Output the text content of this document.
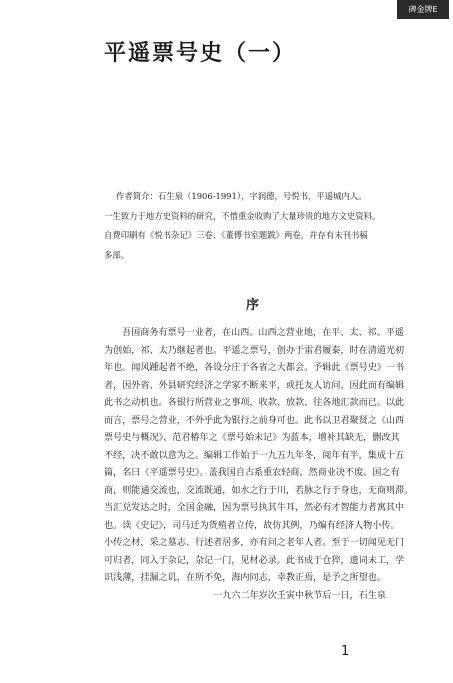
碑金牌E
平遥票号史（一）

作者简介：石生泉（1906-1991），字润德，号悦书，平遥城内人。

一生致力于地方史资料的研究，不惜重金收购了大量珍贵的地方文史资料。

自费印刷有《悦书杂记》三卷、《董傅书室题跋》两卷，并存有未刊书稿

多部。

序

吾国商务有票号一业者，在山西。山西之营业地，在平、太、祁。平遥

为创始，祁、太乃继起者也。平遥之票号，创办于雷君履泰，时在清道光初

年也。闻风踵起者不绝，各设分庄于各省之大都会。予辑此《票号史》一书

者，因外省、外县研究经济之学家不断来平，或托友人访问，因此而有编辑

此书之动机也。各银行所营业之事项，收款、放款、往各地汇款而已。以此

而言，票号之营业，不外乎此为银行之前身可也。此书以卫君聚贤之《山西

票号史与概况》、范君椿年之《票号始末记》为蓝本，增补其缺无，删改其

不经，决不敢以意为之。编辑工作始于一九五九年冬，阅年有半，集成十五

篇，名曰《平遥票号史》。盖我国自古系重农轻商，然商业决不废。国之有

商，则能通交流也，交流既通，如水之行于川，若脉之行于身也，无商则滞。

当汇兑发达之时，全国金融，因为票号执其牛耳，然必有才智能力者寓其中

也。读《史记》，司马迁为货殖者立传，故仿其例，乃编有经济人物小传。

小传之材，采之墓志、行述者居多，亦有问之老年人者。至于一切闻见无门

可归者，同入于杂记，杂记一门，见材必录。此书成于仓猝，遗词未工，学

识浅薄，挂漏之讥，在所不免，海内同志，幸教正焉，是予之所望也。

一九六二年岁次壬寅中秋节后一日，石生泉

1
